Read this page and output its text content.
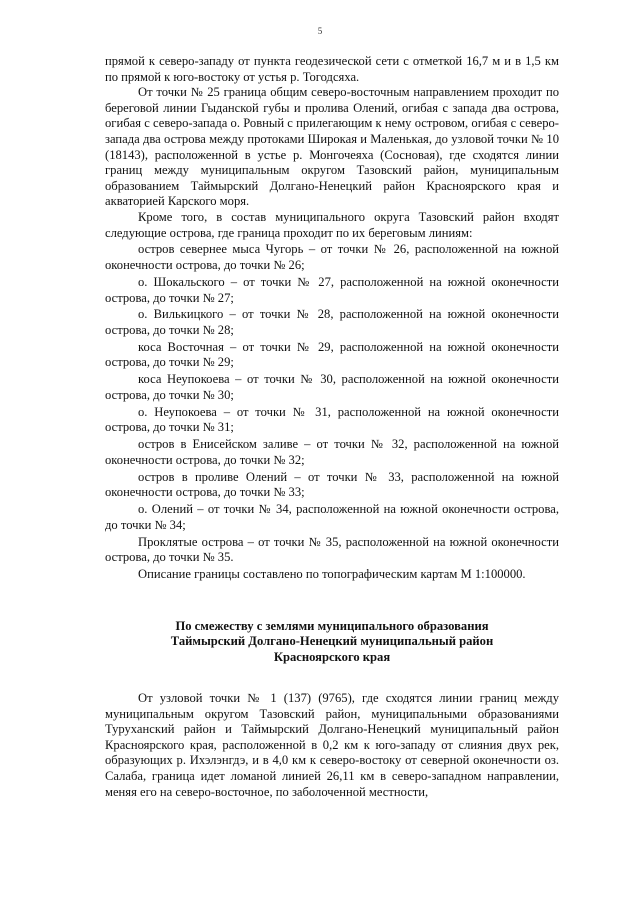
5

прямой к северо-западу от пункта геодезической сети с отметкой 16,7 м и в 1,5 км по прямой к юго-востоку от устья р. Тогодсяха.

От точки № 25 граница общим северо-восточным направлением проходит по береговой линии Гыданской губы и пролива Олений, огибая с запада два острова, огибая с северо-запада о. Ровный с прилегающим к нему островом, огибая с северо-запада два острова между протоками Широкая и Маленькая, до узловой точки № 10 (18143), расположенной в устье р. Монгочеяха (Сосновая), где сходятся линии границ между муниципальным округом Тазовский район, муниципальным образованием Таймырский Долгано-Ненецкий район Красноярского края и акваторией Карского моря.

Кроме того, в состав муниципального округа Тазовский район входят следующие острова, где граница проходит по их береговым линиям:

остров севернее мыса Чугорь – от точки № 26, расположенной на южной оконечности острова, до точки № 26;

о. Шокальского – от точки № 27, расположенной на южной оконечности острова, до точки № 27;

о. Вилькицкого – от точки № 28, расположенной на южной оконечности острова, до точки № 28;

коса Восточная – от точки № 29, расположенной на южной оконечности острова, до точки № 29;

коса Неупокоева – от точки № 30, расположенной на южной оконечности острова, до точки № 30;

о. Неупокоева – от точки № 31, расположенной на южной оконечности острова, до точки № 31;

остров в Енисейском заливе – от точки № 32, расположенной на южной оконечности острова, до точки № 32;

остров в проливе Олений – от точки № 33, расположенной на южной оконечности острова, до точки № 33;

о. Олений – от точки № 34, расположенной на южной оконечности острова, до точки № 34;

Проклятые острова – от точки № 35, расположенной на южной оконечности острова, до точки № 35.

Описание границы составлено по топографическим картам М 1:100000.

По смежеству с землями муниципального образования
Таймырский Долгано-Ненецкий муниципальный район
Красноярского края

От узловой точки № 1 (137) (9765), где сходятся линии границ между муниципальным округом Тазовский район, муниципальными образованиями Туруханский район и Таймырский Долгано-Ненецкий муниципальный район Красноярского края, расположенной в 0,2 км к юго-западу от слияния двух рек, образующих р. Ихэлэнгдэ, и в 4,0 км к северо-востоку от северной оконечности оз. Салаба, граница идет ломаной линией 26,11 км в северо-западном направлении, меняя его на северо-восточное, по заболоченной местности,
